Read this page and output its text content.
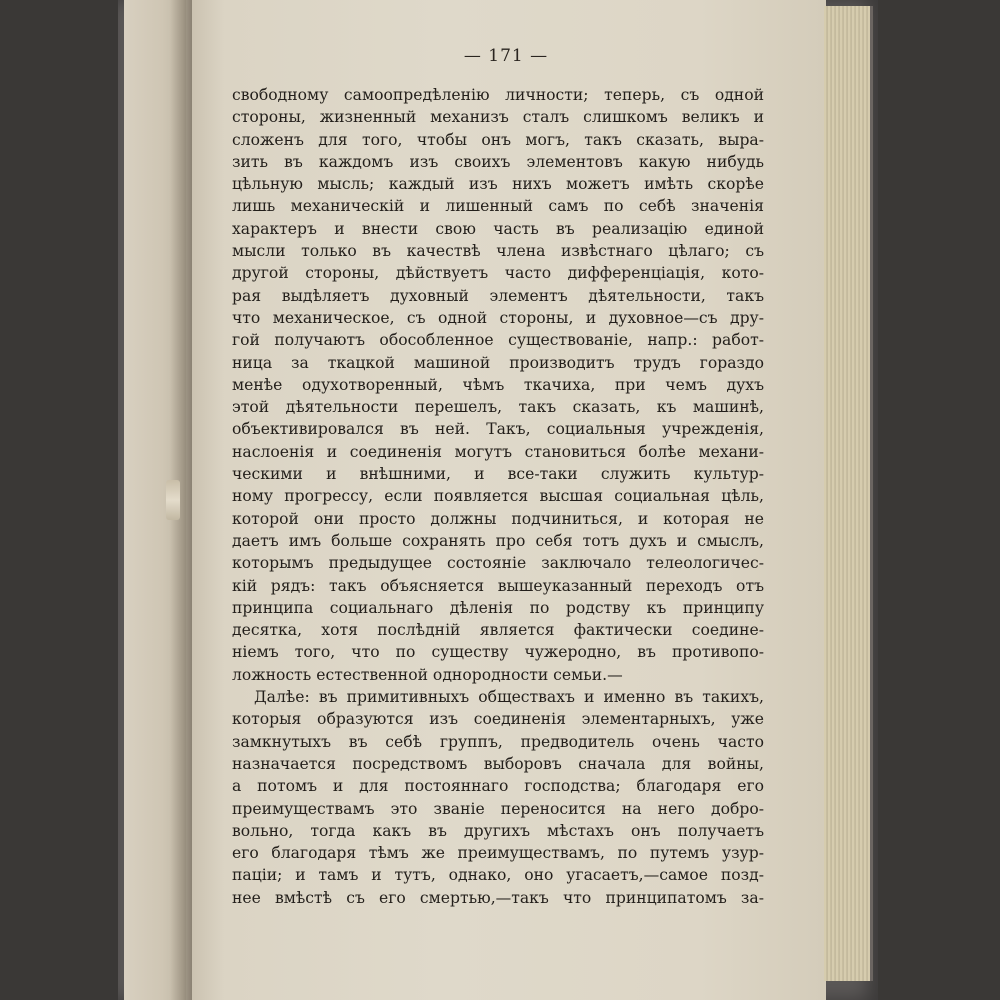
— 171 —
свободному самоопредѣленію личности; теперь, съ одной
стороны, жизненный механизъ сталъ слишкомъ великъ и
сложенъ для того, чтобы онъ могъ, такъ сказать, выра-
зить въ каждомъ изъ своихъ элементовъ какую нибудь
цѣльную мысль; каждый изъ нихъ можетъ имѣть скорѣе
лишь механическій и лишенный самъ по себѣ значенія
характеръ и внести свою часть въ реализацію единой
мысли только въ качествѣ члена извѣстнаго цѣлаго; съ
другой стороны, дѣйствуетъ часто дифференціація, кото-
рая выдѣляетъ духовный элементъ дѣятельности, такъ
что механическое, съ одной стороны, и духовное—съ дру-
гой получаютъ обособленное существованіе, напр.: работ-
ница за ткацкой машиной производитъ трудъ гораздо
менѣе одухотворенный, чѣмъ ткачиха, при чемъ духъ
этой дѣятельности перешелъ, такъ сказать, къ машинѣ,
объективировался въ ней. Такъ, социальныя учрежденія,
наслоенія и соединенія могутъ становиться болѣе механи-
ческими и внѣшними, и все-таки служить культур-
ному прогрессу, если появляется высшая социальная цѣль,
которой они просто должны подчиниться, и которая не
даетъ имъ больше сохранять про себя тотъ духъ и смыслъ,
которымъ предыдущее состояніе заключало телеологичес-
кій рядъ: такъ объясняется вышеуказанный переходъ отъ
принципа социальнаго дѣленія по родству къ принципу
десятка, хотя послѣдній является фактически соедине-
ніемъ того, что по существу чужеродно, въ противопо-
ложность естественной однородности семьи.—
Далѣе: въ примитивныхъ обществахъ и именно въ такихъ,
которыя образуются изъ соединенія элементарныхъ, уже
замкнутыхъ въ себѣ группъ, предводитель очень часто
назначается посредствомъ выборовъ сначала для войны,
а потомъ и для постояннаго господства; благодаря его
преимуществамъ это званіе переносится на него добро-
вольно, тогда какъ въ другихъ мѣстахъ онъ получаетъ
его благодаря тѣмъ же преимуществамъ, по путемъ узур-
паціи; и тамъ и тутъ, однако, оно угасаетъ,—самое позд-
нее вмѣстѣ съ его смертью,—такъ что принципатомъ за-
